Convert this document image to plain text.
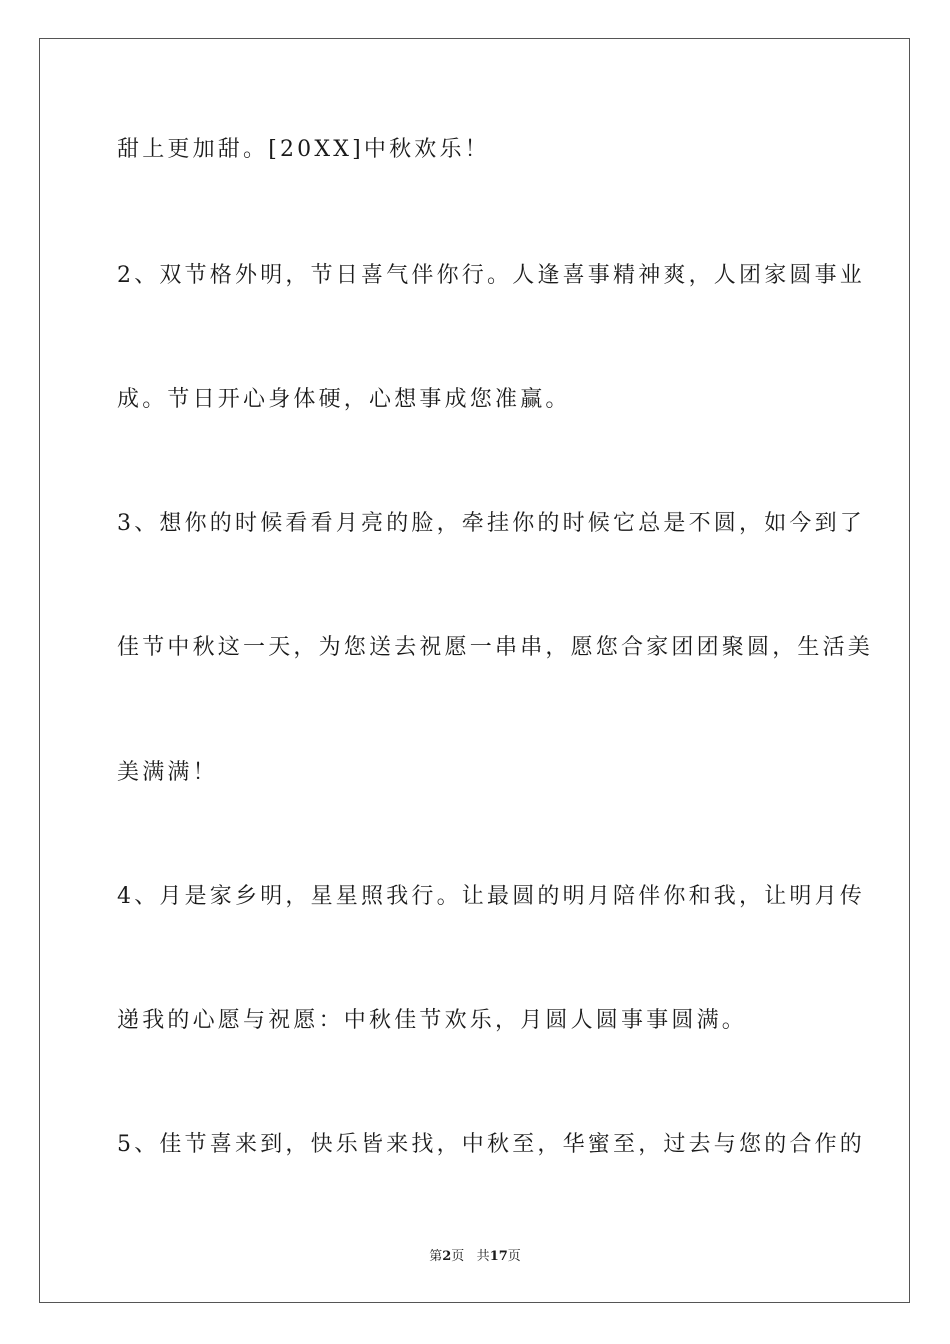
甜上更加甜。[20XX]中秋欢乐！
2、双节格外明，节日喜气伴你行。人逢喜事精神爽，人团家圆事业
成。节日开心身体硬，心想事成您准赢。
3、想你的时候看看月亮的脸，牵挂你的时候它总是不圆，如今到了
佳节中秋这一天，为您送去祝愿一串串，愿您合家团团聚圆，生活美
美满满！
4、月是家乡明，星星照我行。让最圆的明月陪伴你和我，让明月传
递我的心愿与祝愿：中秋佳节欢乐，月圆人圆事事圆满。
5、佳节喜来到，快乐皆来找，中秋至，华蜜至，过去与您的合作的
第2页 共17页
